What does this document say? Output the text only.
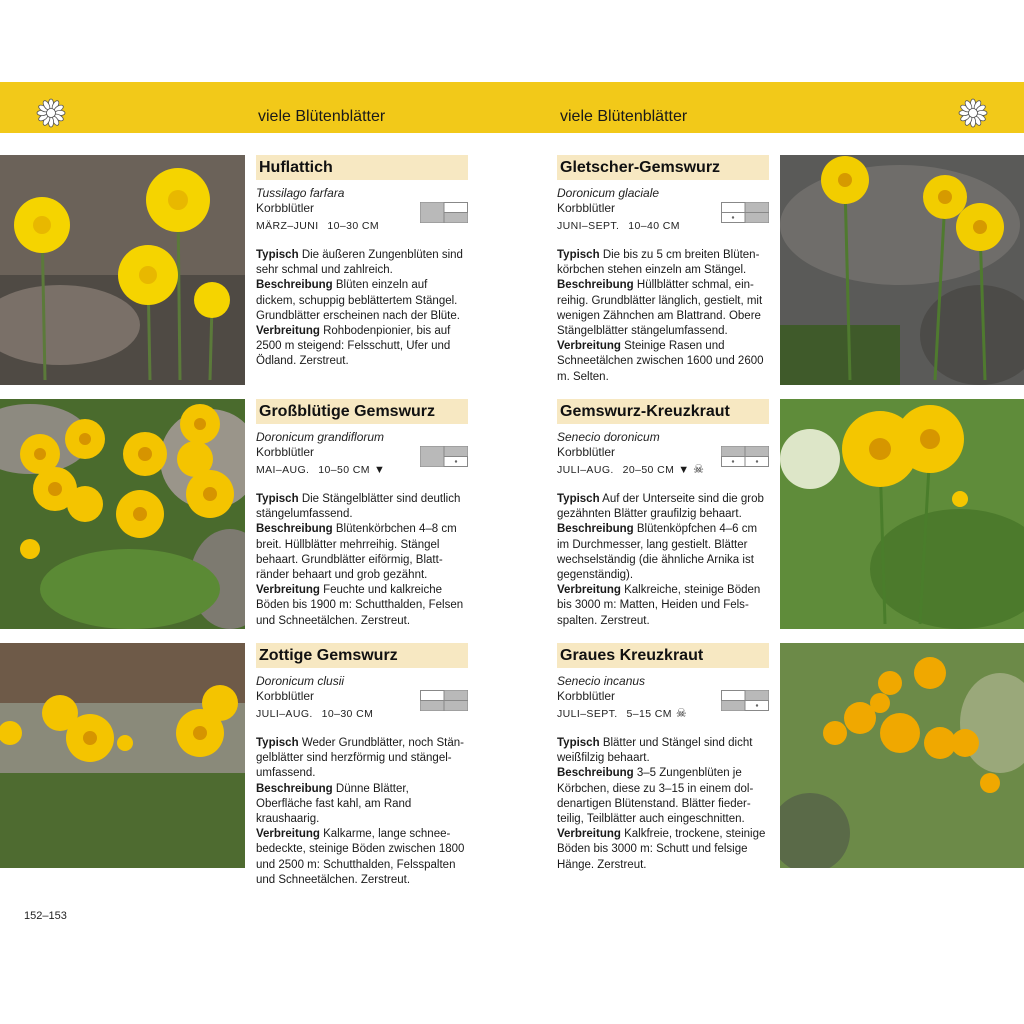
viele Blütenblätter	viele Blütenblätter
Huflattich
Tussilago farfara
Korbblütler
MÄRZ–JUNI 10–30 CM
Typisch Die äußeren Zungenblüten sind sehr schmal und zahlreich.
Beschreibung Blüten einzeln auf dickem, schuppig beblättertem Stängel. Grundblätter erscheinen nach der Blüte.
Verbreitung Rohbodenpionier, bis auf 2500 m steigend: Felsschutt, Ufer und Ödland. Zerstreut.
Großblütige Gemswurz
Doronicum grandiflorum
Korbblütler
MAI–AUG. 10–50 CM ▼
Typisch Die Stängelblätter sind deutlich stängelumfassend.
Beschreibung Blütenkörbchen 4–8 cm breit. Hüllblätter mehrreihig. Stängel behaart. Grundblätter eiförmig, Blattränder behaart und grob gezähnt.
Verbreitung Feuchte und kalkreiche Böden bis 1900 m: Schutthalden, Felsen und Schneetälchen. Zerstreut.
Zottige Gemswurz
Doronicum clusii
Korbblütler
JULI–AUG. 10–30 CM
Typisch Weder Grundblätter, noch Stängelblätter sind herzförmig und stängelumfassend.
Beschreibung Dünne Blätter, Oberfläche fast kahl, am Rand kraushaarig.
Verbreitung Kalkarme, lange schneebedeckte, steinige Böden zwischen 1800 und 2500 m: Schutthalden, Felsspalten und Schneetälchen. Zerstreut.
Gletscher-Gemswurz
Doronicum glaciale
Korbblütler
JUNI–SEPT. 10–40 CM
Typisch Die bis zu 5 cm breiten Blütenkörbchen stehen einzeln am Stängel.
Beschreibung Hüllblätter schmal, einreihig. Grundblätter länglich, gestielt, mit wenigen Zähnchen am Blattrand. Obere Stängelblätter stängelumfassend.
Verbreitung Steinige Rasen und Schneetälchen zwischen 1600 und 2600 m. Selten.
Gemswurz-Kreuzkraut
Senecio doronicum
Korbblütler
JULI–AUG. 20–50 CM ▼ ☠
Typisch Auf der Unterseite sind die grob gezähnten Blätter graufilzig behaart.
Beschreibung Blütenköpfchen 4–6 cm im Durchmesser, lang gestielt. Blätter wechselständig (die ähnliche Arnika ist gegenständig).
Verbreitung Kalkreiche, steinige Böden bis 3000 m: Matten, Heiden und Felsspalten. Zerstreut.
Graues Kreuzkraut
Senecio incanus
Korbblütler
JULI–SEPT. 5–15 CM ☠
Typisch Blätter und Stängel sind dicht weißfilzig behaart.
Beschreibung 3–5 Zungenblüten je Körbchen, diese zu 3–15 in einem doldenartigen Blütenstand. Blätter fiederteilig, Teilblätter auch eingeschnitten.
Verbreitung Kalkfreie, trockene, steinige Böden bis 3000 m: Schutt und felsige Hänge. Zerstreut.
152–153
